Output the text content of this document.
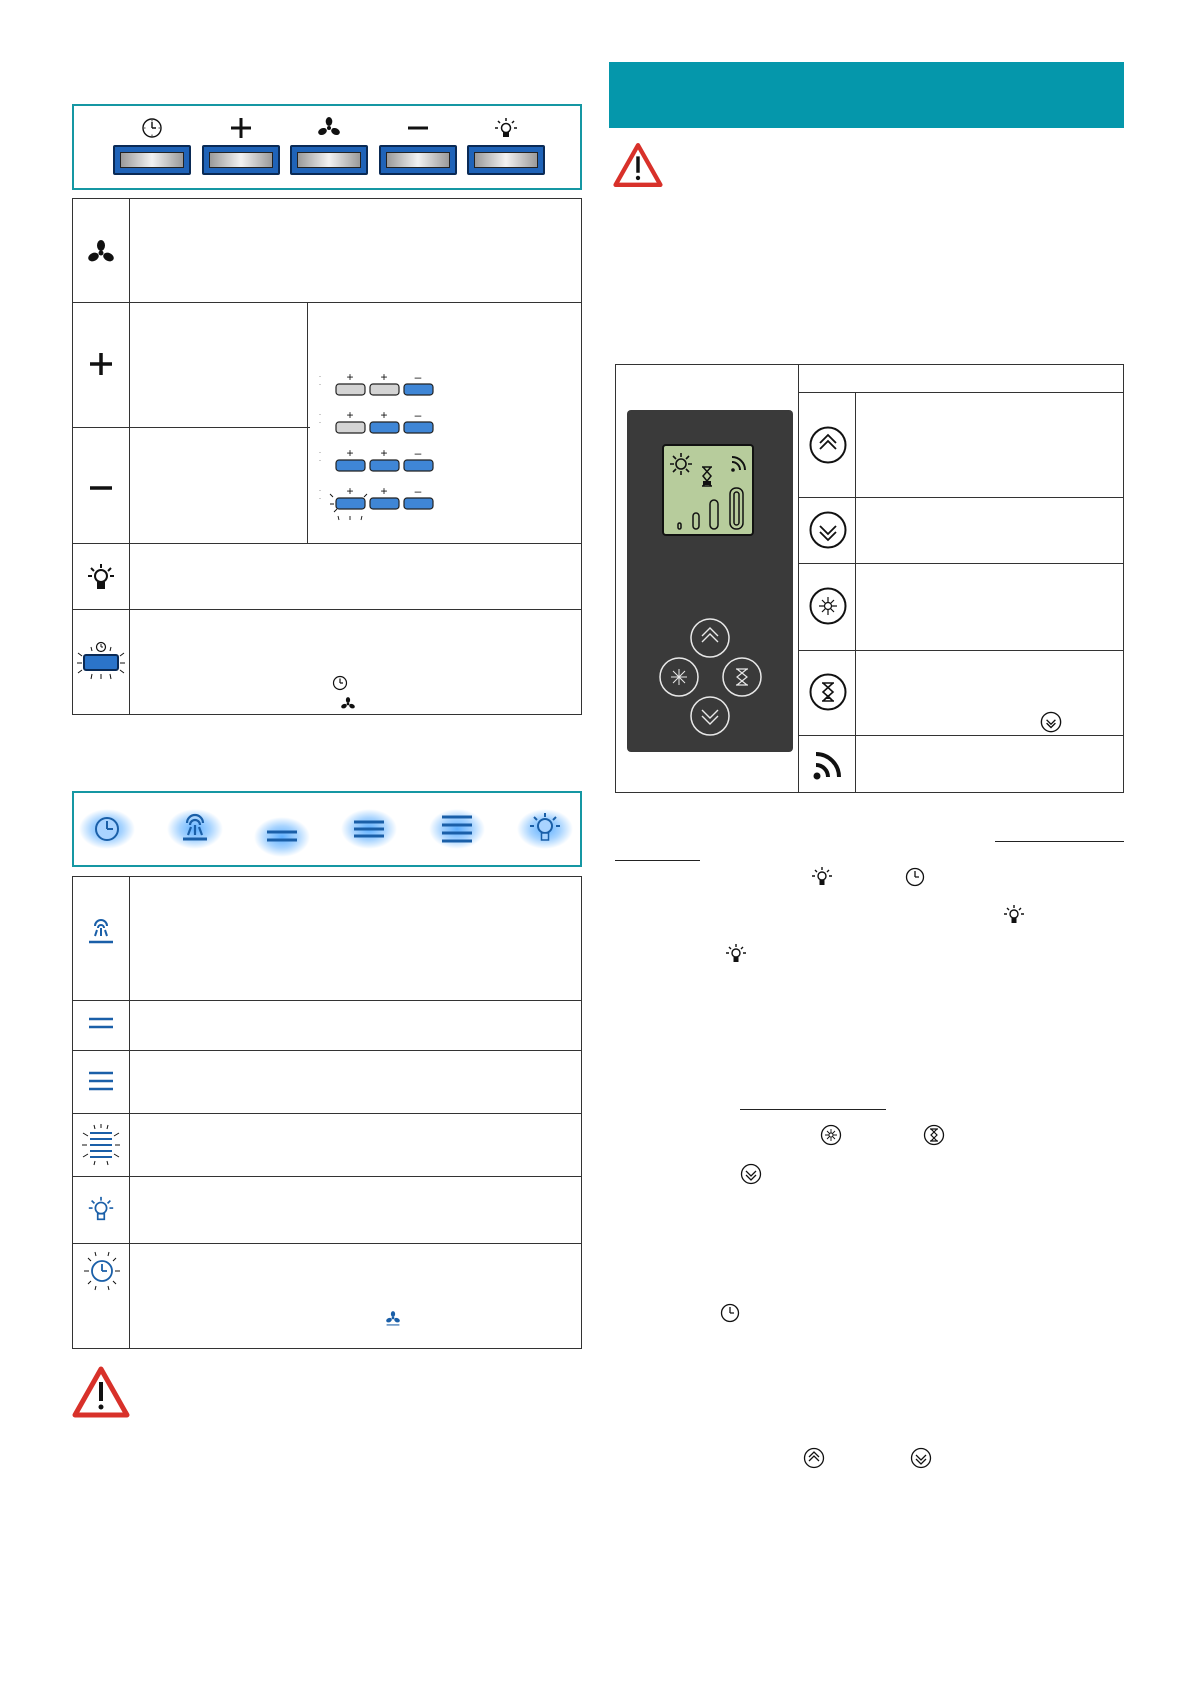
+ + –
+ + –
+ + –
+ + –
